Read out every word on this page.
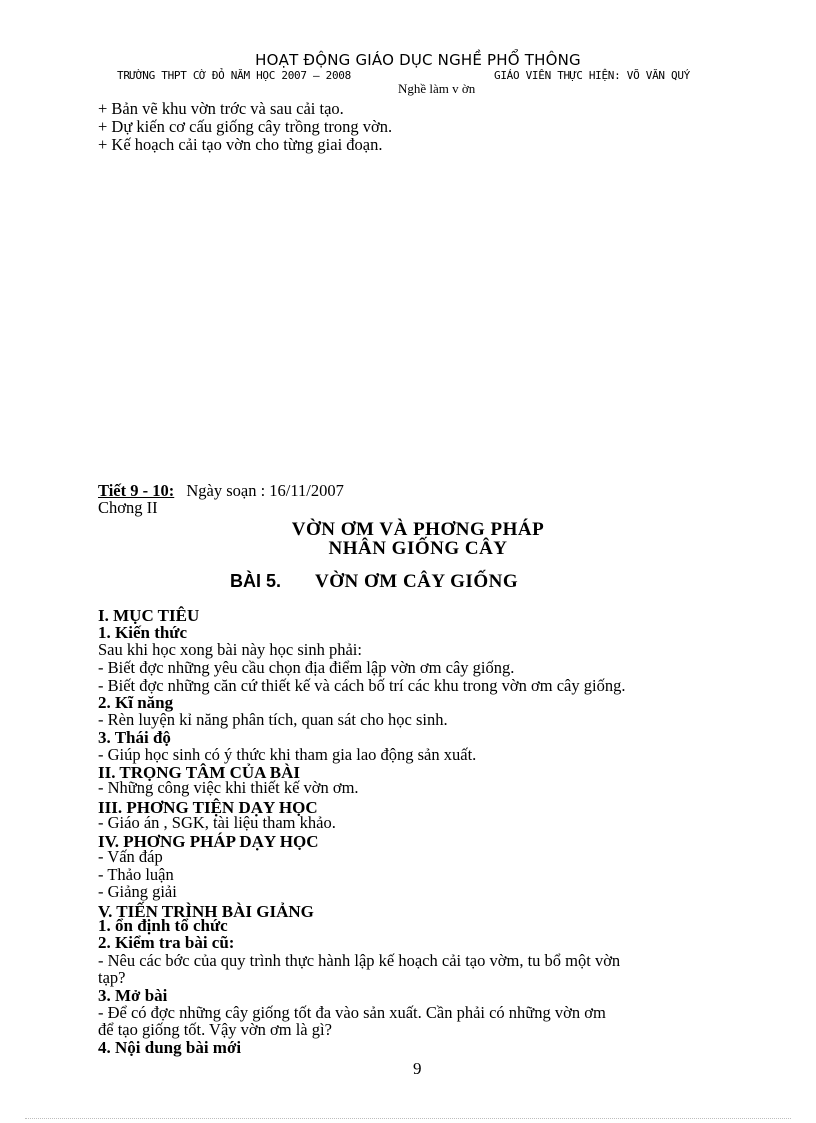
HOẠT ĐỘNG GIÁO DỤC NGHỀ PHỔ THÔNG
TRƯỜNG THPT CỜ ĐỎ NĂM HỌC 2007 — 2008	GIÁO VIÊN THỰC HIỆN: VÕ VĂN QUÝ
Nghề làm v ờn
+ Bản vẽ khu vờn trớc và sau cải tạo.
+ Dự kiến cơ cấu giống cây trồng trong vờn.
+ Kế hoạch cải tạo vờn cho từng giai đoạn.
Tiết 9 - 10: Ngày soạn : 16/11/2007
Chơng II
VỜN ƠM VÀ PHƠNG PHÁP
NHÂN GIỐNG CÂY
BÀI 5. VỜN ƠM CÂY GIỐNG
I. MỤC TIÊU
1. Kiến thức
Sau khi học xong bài này học sinh phải:
- Biết đợc những yêu cầu chọn địa điểm lập vờn ơm cây giống.
- Biết đợc những căn cứ thiết kế và cách bố trí các khu trong vờn ơm cây giống.
2. Kĩ năng
- Rèn luyện kỉ năng phân tích, quan sát cho học sinh.
3. Thái độ
- Giúp học sinh có ý thức khi tham gia lao động sản xuất.
II. TRỌNG TÂM CỦA BÀI
- Những công việc khi thiết kế vờn ơm.
III. PHƠNG TIỆN DẠY HỌC
- Giáo án , SGK, tài liệu tham khảo.
IV. PHƠNG PHÁP DẠY HỌC
- Vấn đáp
- Thảo luận
- Giảng giải
V. TIẾN TRÌNH BÀI GIẢNG
1. ổn định tổ chức
2. Kiểm tra bài cũ:
- Nêu các bớc của quy trình thực hành lập kế hoạch cải tạo vờm, tu bổ một vờn
tạp?
3. Mở bài
- Để có đợc những cây giống tốt đa vào sản xuất. Cần phải có những vờn ơm
để tạo giống tốt. Vậy vờn ơm là gì?
4. Nội dung bài mới
9
